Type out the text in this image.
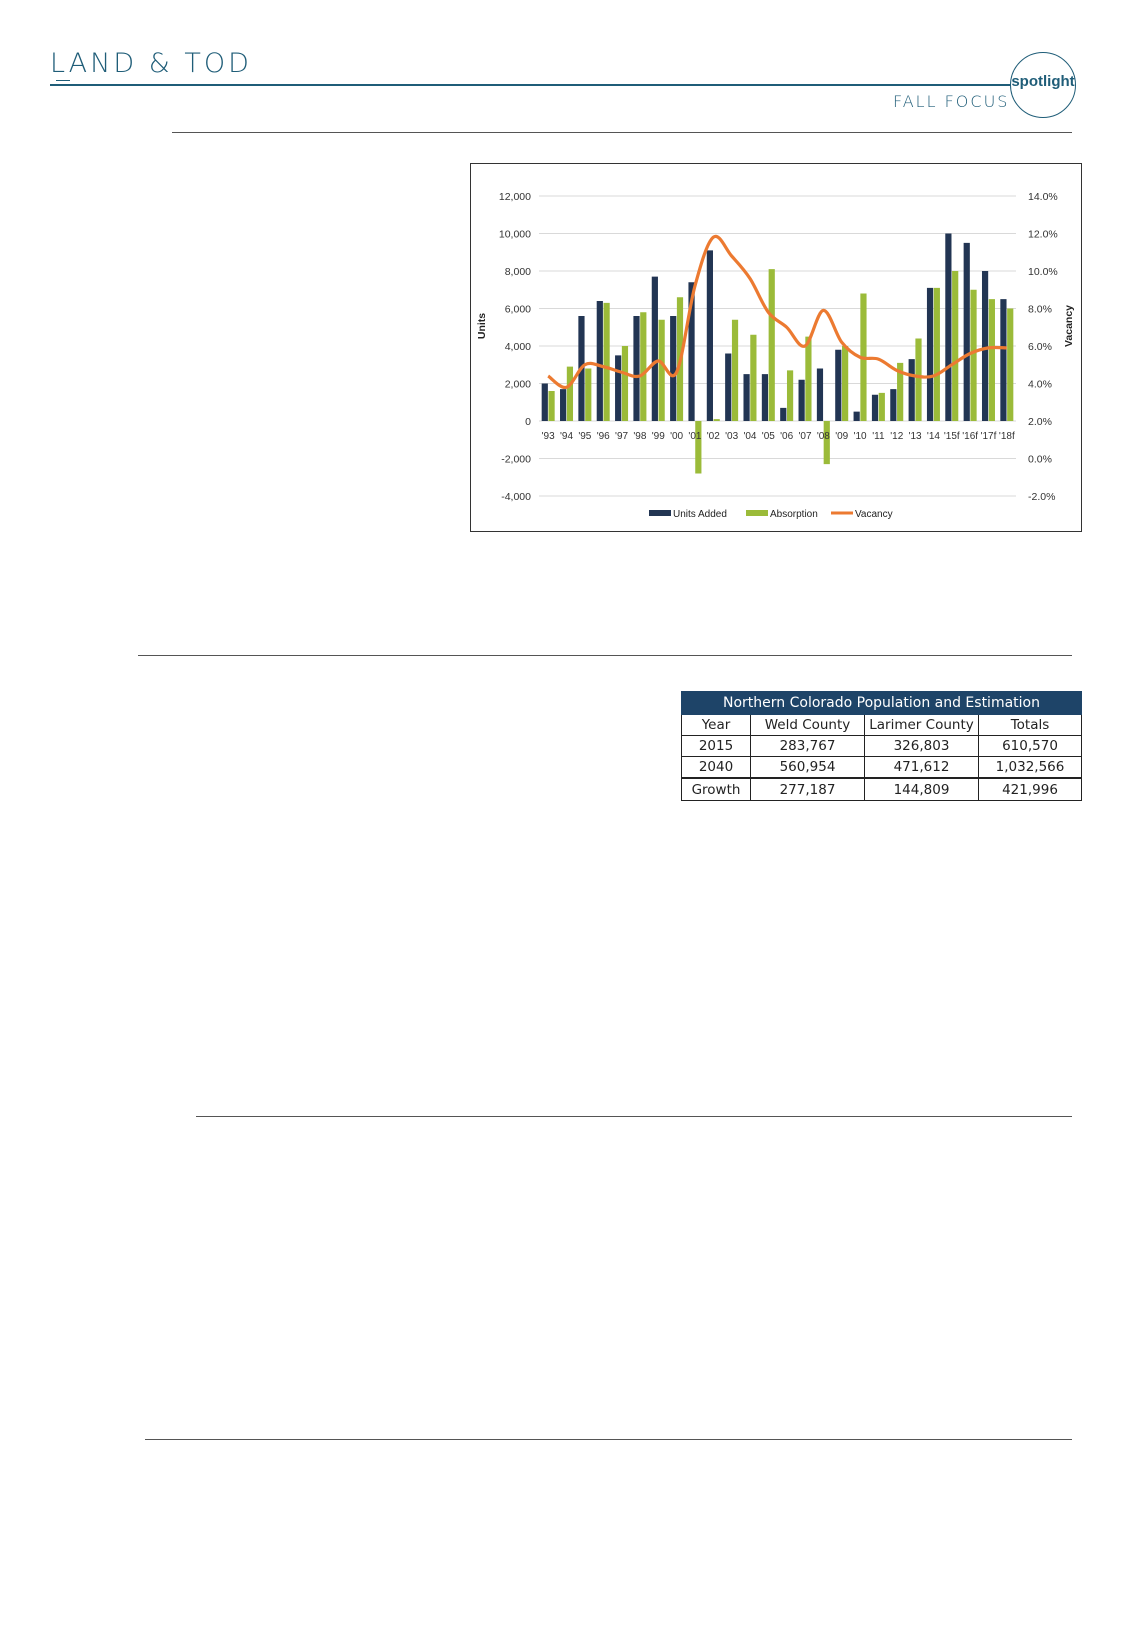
LAND & TOD
FALL FOCUS
spotlight
12,000	14.0%
10,000	12.0%
8,000	10.0%
6,000	8.0%
4,000	6.0%
2,000	4.0%
0	2.0%
-2,000	0.0%
-4,000	-2.0%
Units	Vacancy
'93 '94 '95 '96 '97 '98 '99 '00 '01 '02 '03 '04 '05 '06 '07 '08 '09 '10 '11 '12 '13 '14 '15f '16f '17f '18f
Units Added	Absorption	Vacancy
Northern Colorado Population and Estimation			
Year	Weld County	Larimer County	Totals
2015	283,767	326,803	610,570
2040	560,954	471,612	1,032,566
Growth	277,187	144,809	421,996
